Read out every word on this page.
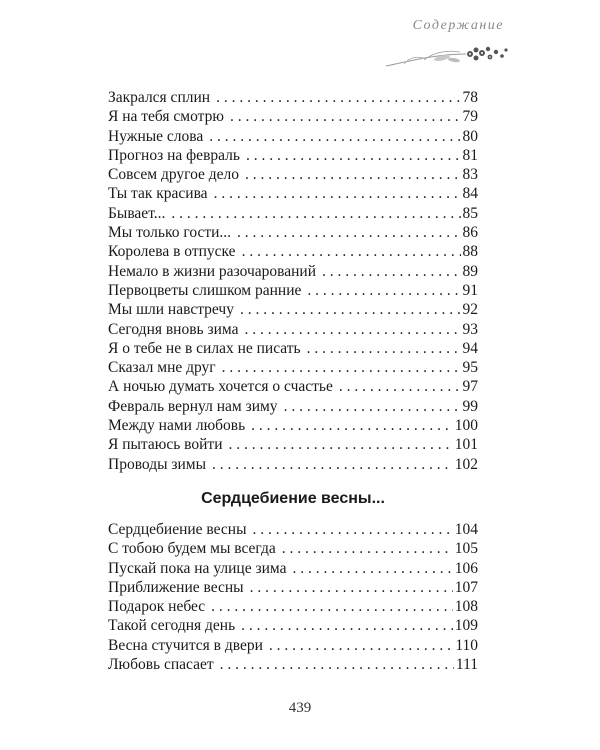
Содержание
Закрался сплин . . .	78
Я на тебя смотрю . . .	79
Нужные слова . . .	80
Прогноз на февраль . . .	81
Совсем другое дело . . .	83
Ты так красива . . .	84
Бывает... . . .	85
Мы только гости... . . .	86
Королева в отпуске . . .	88
Немало в жизни разочарований . . .	89
Первоцветы слишком ранние . . .	91
Мы шли навстречу . . .	92
Сегодня вновь зима . . .	93
Я о тебе не в силах не писать . . .	94
Сказал мне друг . . .	95
А ночью думать хочется о счастье . . .	97
Февраль вернул нам зиму . . .	99
Между нами любовь . . .	100
Я пытаюсь войти . . .	101
Проводы зимы . . .	102
Сердцебиение весны...
Сердцебиение весны . . .	104
С тобою будем мы всегда . . .	105
Пускай пока на улице зима . . .	106
Приближение весны . . .	107
Подарок небес . . .	108
Такой сегодня день . . .	109
Весна стучится в двери . . .	110
Любовь спасает . . .	111
439
